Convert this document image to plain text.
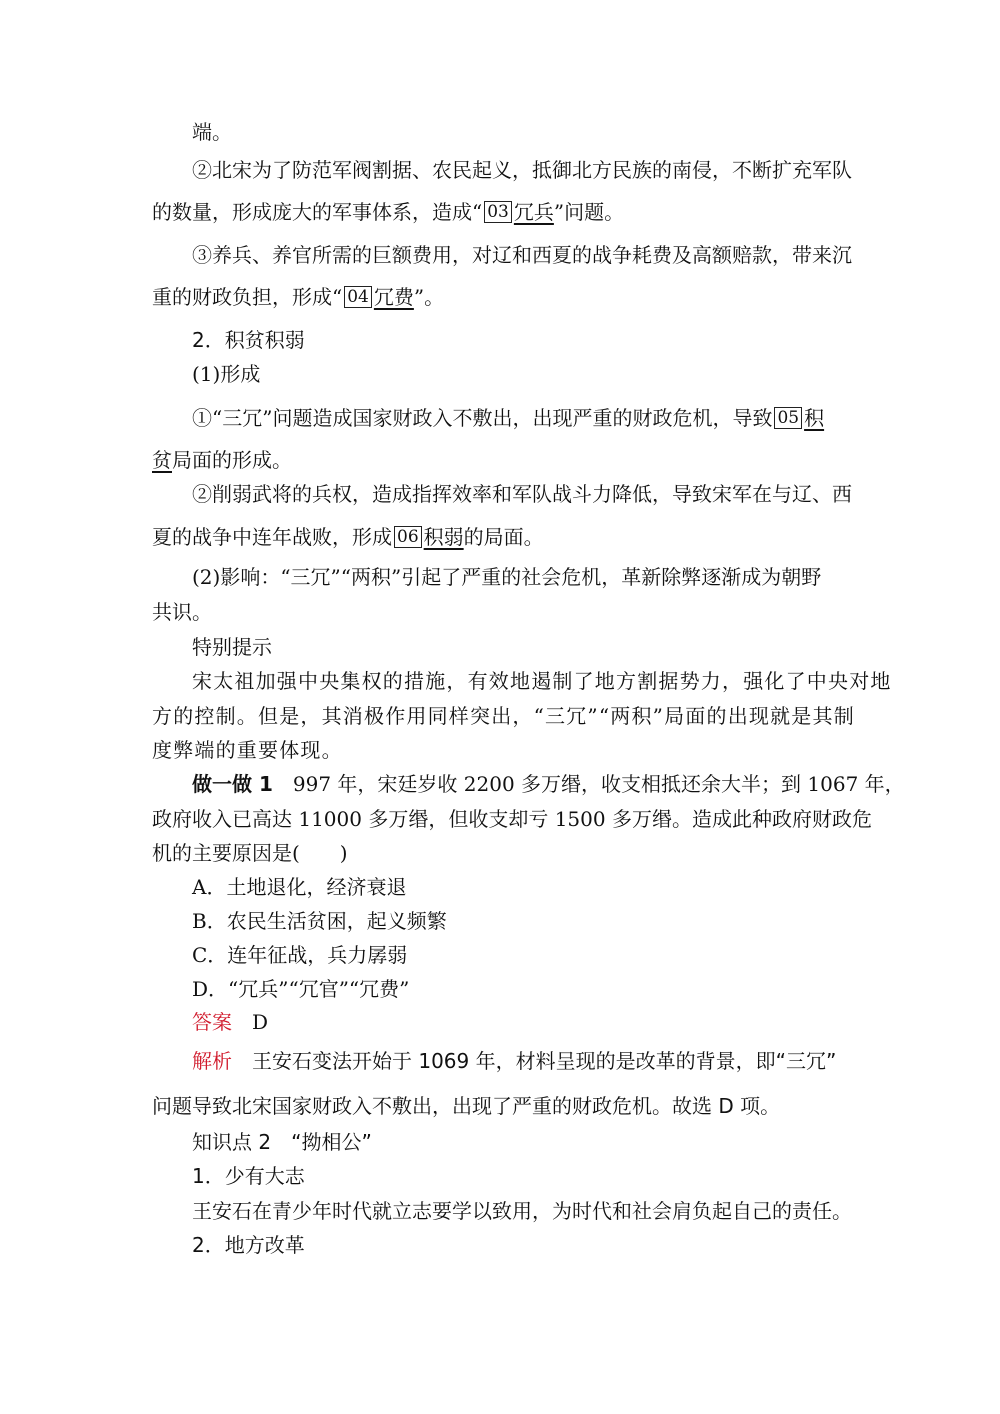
端。
②北宋为了防范军阀割据、农民起义，抵御北方民族的南侵，不断扩充军队
的数量，形成庞大的军事体系，造成“ 03 冗兵”问题。
③养兵、养官所需的巨额费用，对辽和西夏的战争耗费及高额赔款，带来沉
重的财政负担，形成“ 04 冗费”。
2．积贫积弱
(1)形成
①“三冗”问题造成国家财政入不敷出，出现严重的财政危机，导致 05 积
贫局面的形成。
②削弱武将的兵权，造成指挥效率和军队战斗力降低，导致宋军在与辽、西
夏的战争中连年战败，形成 06 积弱的局面。
(2)影响：“三冗”“两积”引起了严重的社会危机，革新除弊逐渐成为朝野
共识。
特别提示
宋太祖加强中央集权的措施，有效地遏制了地方割据势力，强化了中央对地
方的控制。但是，其消极作用同样突出，“三冗”“两积”局面的出现就是其制
度弊端的重要体现。
做一做 1　 997 年，宋廷岁收 2200 多万缗，收支相抵还余大半；到 1067 年，
政府收入已高达 11000 多万缗，但收支却亏 1500 多万缗。造成此种政府财政危
机的主要原因是(　　)
A．土地退化，经济衰退
B．农民生活贫困，起义频繁
C．连年征战，兵力孱弱
D．“冗兵”“冗官”“冗费”
答案　 D
解析　 王安石变法开始于 1069 年，材料呈现的是改革的背景，即“三冗”
问题导致北宋国家财政入不敷出，出现了严重的财政危机。故选 D 项。
知识点 2　“拗相公”
1．少有大志
王安石在青少年时代就立志要学以致用，为时代和社会肩负起自己的责任。
2．地方改革
